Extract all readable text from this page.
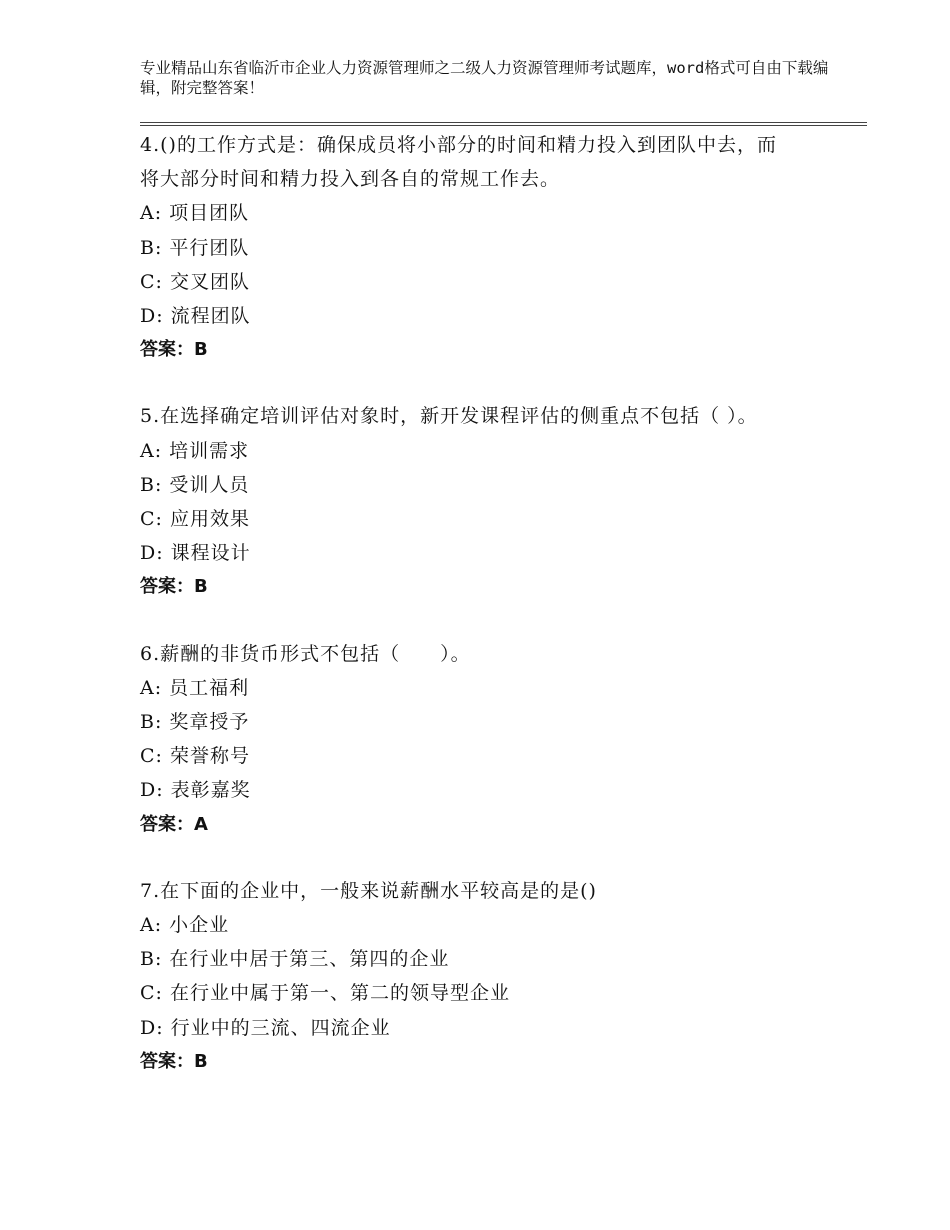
专业精品山东省临沂市企业人力资源管理师之二级人力资源管理师考试题库，word格式可自由下载编辑，附完整答案！

4.()的工作方式是：确保成员将小部分的时间和精力投入到团队中去，而将大部分时间和精力投入到各自的常规工作去。

A: 项目团队

B: 平行团队

C: 交叉团队

D: 流程团队

答案：B

5.在选择确定培训评估对象时，新开发课程评估的侧重点不包括（ ）。

A: 培训需求

B: 受训人员

C: 应用效果

D: 课程设计

答案：B

6.薪酬的非货币形式不包括（　　）。

A: 员工福利

B: 奖章授予

C: 荣誉称号

D: 表彰嘉奖

答案：A

7.在下面的企业中，一般来说薪酬水平较高是的是()

A: 小企业

B: 在行业中居于第三、第四的企业

C: 在行业中属于第一、第二的领导型企业

D: 行业中的三流、四流企业

答案：B
